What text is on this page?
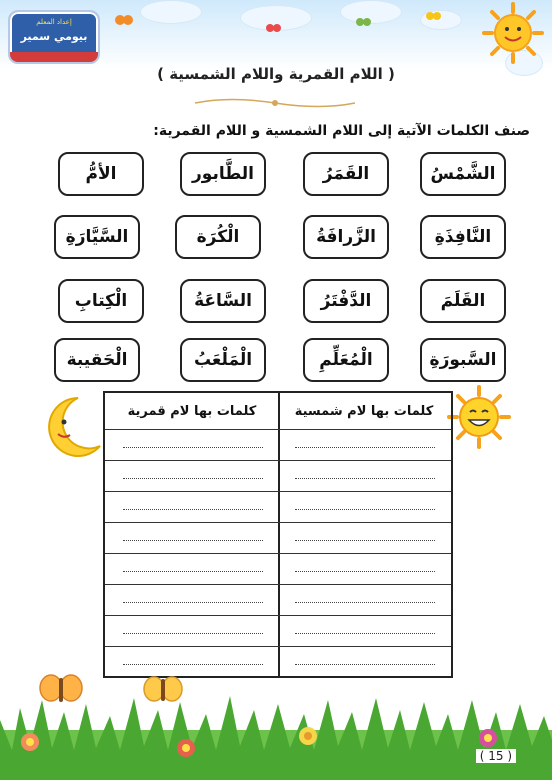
إعداد المعلم
بيومي سمير
( اللام القمرية واللام الشمسية )
صنف الكلمات الآتية إلى اللام الشمسية و اللام القمرية:
الشَّمْسُ
القَمَرُ
الطَّابور
الأمُّ
النَّافِذَةِ
الزَّرافَةُ
الْكُرَة
السَّيَّارَةِ
القَلَمَ
الدَّفْتَرُ
السَّاعَةُ
الْكِتابِ
السَّبورَةِ
الْمُعَلِّمِ
الْمَلْعَبُ
الْحَقيبة
كلمات بها لام شمسية
كلمات بها لام قمرية
( 15 )
